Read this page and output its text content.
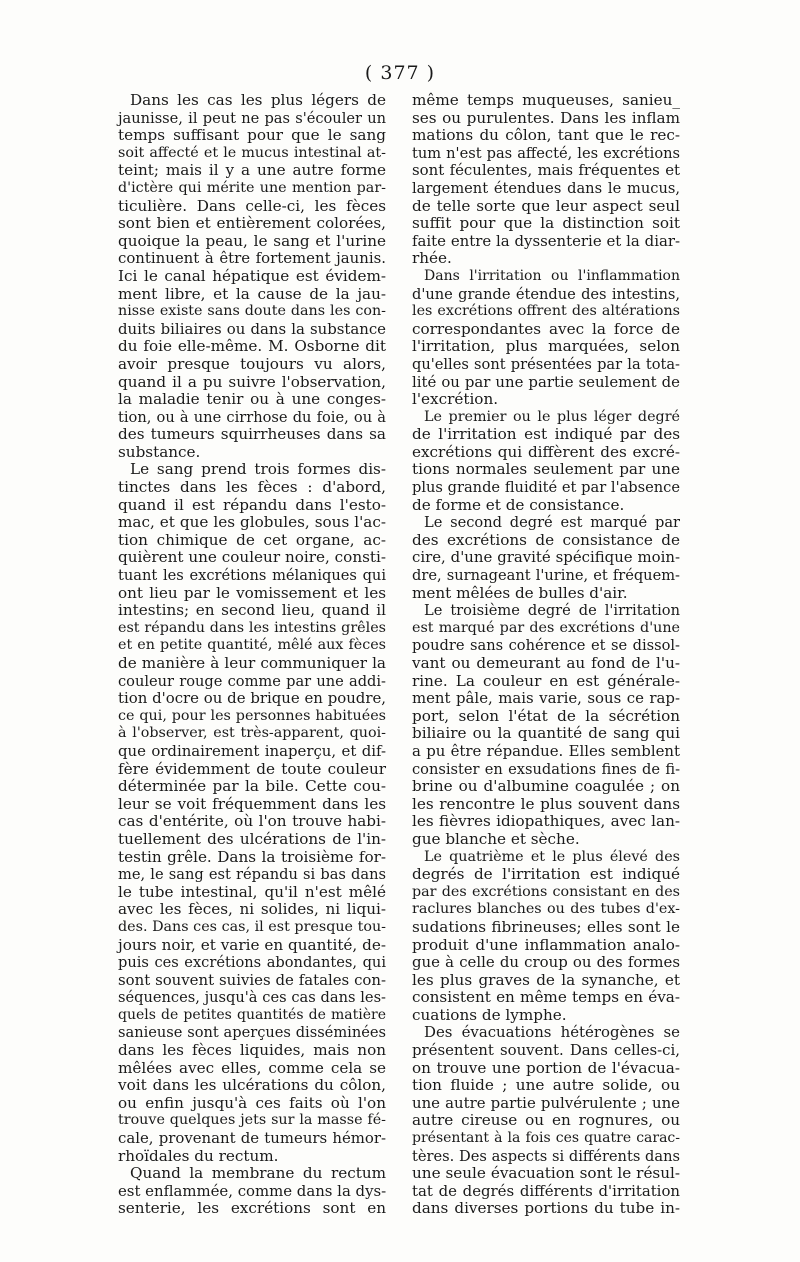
( 377 )
Dans les cas les plus légers de
jaunisse, il peut ne pas s'écouler un
temps suffisant pour que le sang
soit affecté et le mucus intestinal at-
teint; mais il y a une autre forme
d'ictère qui mérite une mention par-
ticulière. Dans celle-ci, les fèces
sont bien et entièrement colorées,
quoique la peau, le sang et l'urine
continuent à être fortement jaunis.
Ici le canal hépatique est évidem-
ment libre, et la cause de la jau-
nisse existe sans doute dans les con-
duits biliaires ou dans la substance
du foie elle-même. M. Osborne dit
avoir presque toujours vu alors,
quand il a pu suivre l'observation,
la maladie tenir ou à une conges-
tion, ou à une cirrhose du foie, ou à
des tumeurs squirrheuses dans sa
substance.
Le sang prend trois formes dis-
tinctes dans les fèces : d'abord,
quand il est répandu dans l'esto-
mac, et que les globules, sous l'ac-
tion chimique de cet organe, ac-
quièrent une couleur noire, consti-
tuant les excrétions mélaniques qui
ont lieu par le vomissement et les
intestins; en second lieu, quand il
est répandu dans les intestins grêles
et en petite quantité, mêlé aux fèces
de manière à leur communiquer la
couleur rouge comme par une addi-
tion d'ocre ou de brique en poudre,
ce qui, pour les personnes habituées
à l'observer, est très-apparent, quoi-
que ordinairement inaperçu, et dif-
fère évidemment de toute couleur
déterminée par la bile. Cette cou-
leur se voit fréquemment dans les
cas d'entérite, où l'on trouve habi-
tuellement des ulcérations de l'in-
testin grêle. Dans la troisième for-
me, le sang est répandu si bas dans
le tube intestinal, qu'il n'est mêlé
avec les fèces, ni solides, ni liqui-
des. Dans ces cas, il est presque tou-
jours noir, et varie en quantité, de-
puis ces excrétions abondantes, qui
sont souvent suivies de fatales con-
séquences, jusqu'à ces cas dans les-
quels de petites quantités de matière
sanieuse sont aperçues disséminées
dans les fèces liquides, mais non
mêlées avec elles, comme cela se
voit dans les ulcérations du côlon,
ou enfin jusqu'à ces faits où l'on
trouve quelques jets sur la masse fé-
cale, provenant de tumeurs hémor-
rhoïdales du rectum.
Quand la membrane du rectum
est enflammée, comme dans la dys-
senterie, les excrétions sont en
même temps muqueuses, sanieu_
ses ou purulentes. Dans les inflam
mations du côlon, tant que le rec-
tum n'est pas affecté, les excrétions
sont féculentes, mais fréquentes et
largement étendues dans le mucus,
de telle sorte que leur aspect seul
suffit pour que la distinction soit
faite entre la dyssenterie et la diar-
rhée.
Dans l'irritation ou l'inflammation
d'une grande étendue des intestins,
les excrétions offrent des altérations
correspondantes avec la force de
l'irritation, plus marquées, selon
qu'elles sont présentées par la tota-
lité ou par une partie seulement de
l'excrétion.
Le premier ou le plus léger degré
de l'irritation est indiqué par des
excrétions qui diffèrent des excré-
tions normales seulement par une
plus grande fluidité et par l'absence
de forme et de consistance.
Le second degré est marqué par
des excrétions de consistance de
cire, d'une gravité spécifique moin-
dre, surnageant l'urine, et fréquem-
ment mêlées de bulles d'air.
Le troisième degré de l'irritation
est marqué par des excrétions d'une
poudre sans cohérence et se dissol-
vant ou demeurant au fond de l'u-
rine. La couleur en est générale-
ment pâle, mais varie, sous ce rap-
port, selon l'état de la sécrétion
biliaire ou la quantité de sang qui
a pu être répandue. Elles semblent
consister en exsudations fines de fi-
brine ou d'albumine coagulée ; on
les rencontre le plus souvent dans
les fièvres idiopathiques, avec lan-
gue blanche et sèche.
Le quatrième et le plus élevé des
degrés de l'irritation est indiqué
par des excrétions consistant en des
raclures blanches ou des tubes d'ex-
sudations fibrineuses; elles sont le
produit d'une inflammation analo-
gue à celle du croup ou des formes
les plus graves de la synanche, et
consistent en même temps en éva-
cuations de lymphe.
Des évacuations hétérogènes se
présentent souvent. Dans celles-ci,
on trouve une portion de l'évacua-
tion fluide ; une autre solide, ou
une autre partie pulvérulente ; une
autre cireuse ou en rognures, ou
présentant à la fois ces quatre carac-
tères. Des aspects si différents dans
une seule évacuation sont le résul-
tat de degrés différents d'irritation
dans diverses portions du tube in-
